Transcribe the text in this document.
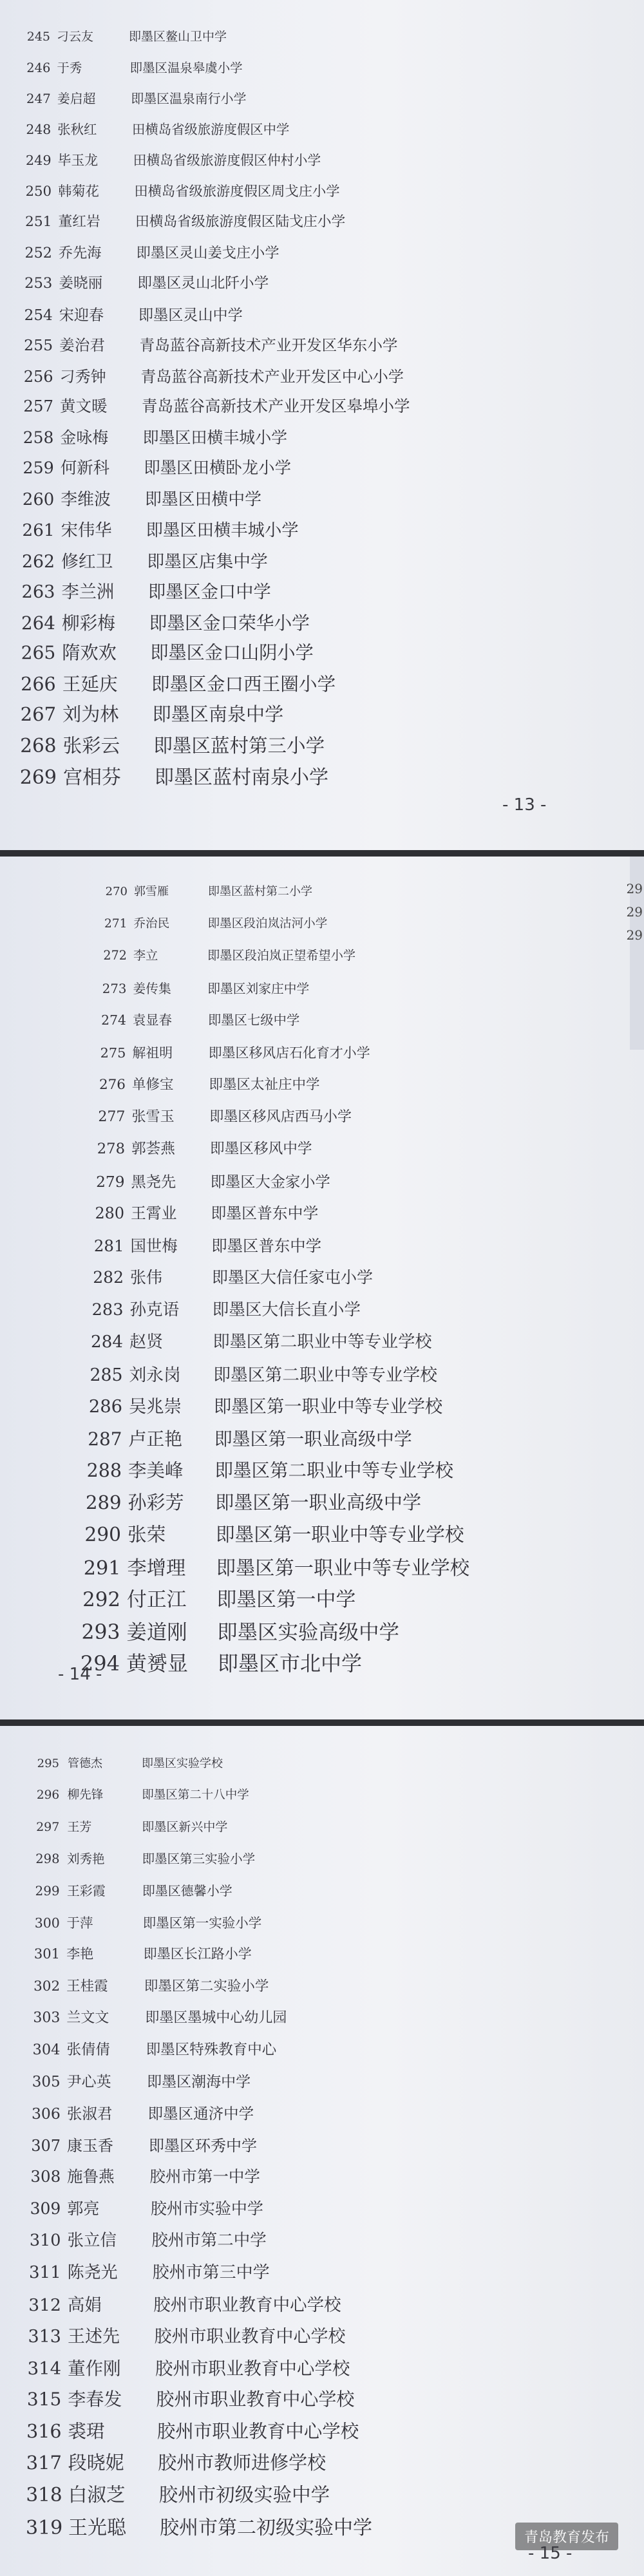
245 刁云友	即墨区鳌山卫中学
246 于秀	即墨区温泉皋虞小学
247 姜启超	即墨区温泉南行小学
248 张秋红	田横岛省级旅游度假区中学
249 毕玉龙	田横岛省级旅游度假区仲村小学
250 韩菊花	田横岛省级旅游度假区周戈庄小学
251 董红岩 田横岛省级旅游度假区陆戈庄小学
252 乔先海 即墨区灵山姜戈庄小学
253 姜晓丽 即墨区灵山北阡小学
254 宋迎春 即墨区灵山中学
255 姜治君 青岛蓝谷高新技术产业开发区华东小学
256 刁秀钟 青岛蓝谷高新技术产业开发区中心小学
257 黄文暖 青岛蓝谷高新技术产业开发区皋埠小学
258 金咏梅 即墨区田横丰城小学
259 何新科 即墨区田横卧龙小学
260 李维波 即墨区田横中学
261 宋伟华 即墨区田横丰城小学
262 修红卫 即墨区店集中学
263 李兰洲 即墨区金口中学
264 柳彩梅 即墨区金口荣华小学
265 隋欢欢 即墨区金口山阴小学
266 王延庆 即墨区金口西王圈小学
267 刘为林 即墨区南泉中学
268 张彩云 即墨区蓝村第三小学
269 宫相芬 即墨区蓝村南泉小学
- 13 -
29
29
29
270 郭雪雁	即墨区蓝村第二小学
271 乔治民	即墨区段泊岚沽河小学
272 李立	即墨区段泊岚正望希望小学
273 姜传集	即墨区刘家庄中学
274 袁显春	即墨区七级中学
275 解祖明	即墨区移风店石化育才小学
276 单修宝	即墨区太祉庄中学
277 张雪玉 即墨区移风店西马小学
278 郭荟燕 即墨区移风中学
279 黑尧先 即墨区大金家小学
280 王霄业 即墨区普东中学
281 国世梅 即墨区普东中学
282 张伟	即墨区大信任家屯小学
283 孙克语 即墨区大信长直小学
284 赵贤	即墨区第二职业中等专业学校
285 刘永岗 即墨区第二职业中等专业学校
286 吴兆崇 即墨区第一职业中等专业学校
287 卢正艳 即墨区第一职业高级中学
288 李美峰 即墨区第二职业中等专业学校
289 孙彩芳 即墨区第一职业高级中学
290 张荣	即墨区第一职业中等专业学校
291 李增理 即墨区第一职业中等专业学校
292 付正江 即墨区第一中学
293 姜道刚 即墨区实验高级中学
294 黄赟显 即墨区市北中学
- 14 -
青岛教育发布
295 管德杰	即墨区实验学校
296 柳先锋	即墨区第二十八中学
297 王芳	即墨区新兴中学
298 刘秀艳	即墨区第三实验小学
299 王彩霞	即墨区德馨小学
300 于萍	即墨区第一实验小学
301 李艳	即墨区长江路小学
302 王桂霞	即墨区第二实验小学
303 兰文文	即墨区墨城中心幼儿园
304 张倩倩 即墨区特殊教育中心
305 尹心英 即墨区潮海中学
306 张淑君 即墨区通济中学
307 康玉香 即墨区环秀中学
308 施鲁燕 胶州市第一中学
309 郭亮	胶州市实验中学
310 张立信 胶州市第二中学
311 陈尧光 胶州市第三中学
312 高娟	胶州市职业教育中心学校
313 王述先 胶州市职业教育中心学校
314 董作刚 胶州市职业教育中心学校
315 李春发 胶州市职业教育中心学校
316 裘珺	胶州市职业教育中心学校
317 段晓妮 胶州市教师进修学校
318 白淑芝 胶州市初级实验中学
319 王光聪 胶州市第二初级实验中学
- 15 -
